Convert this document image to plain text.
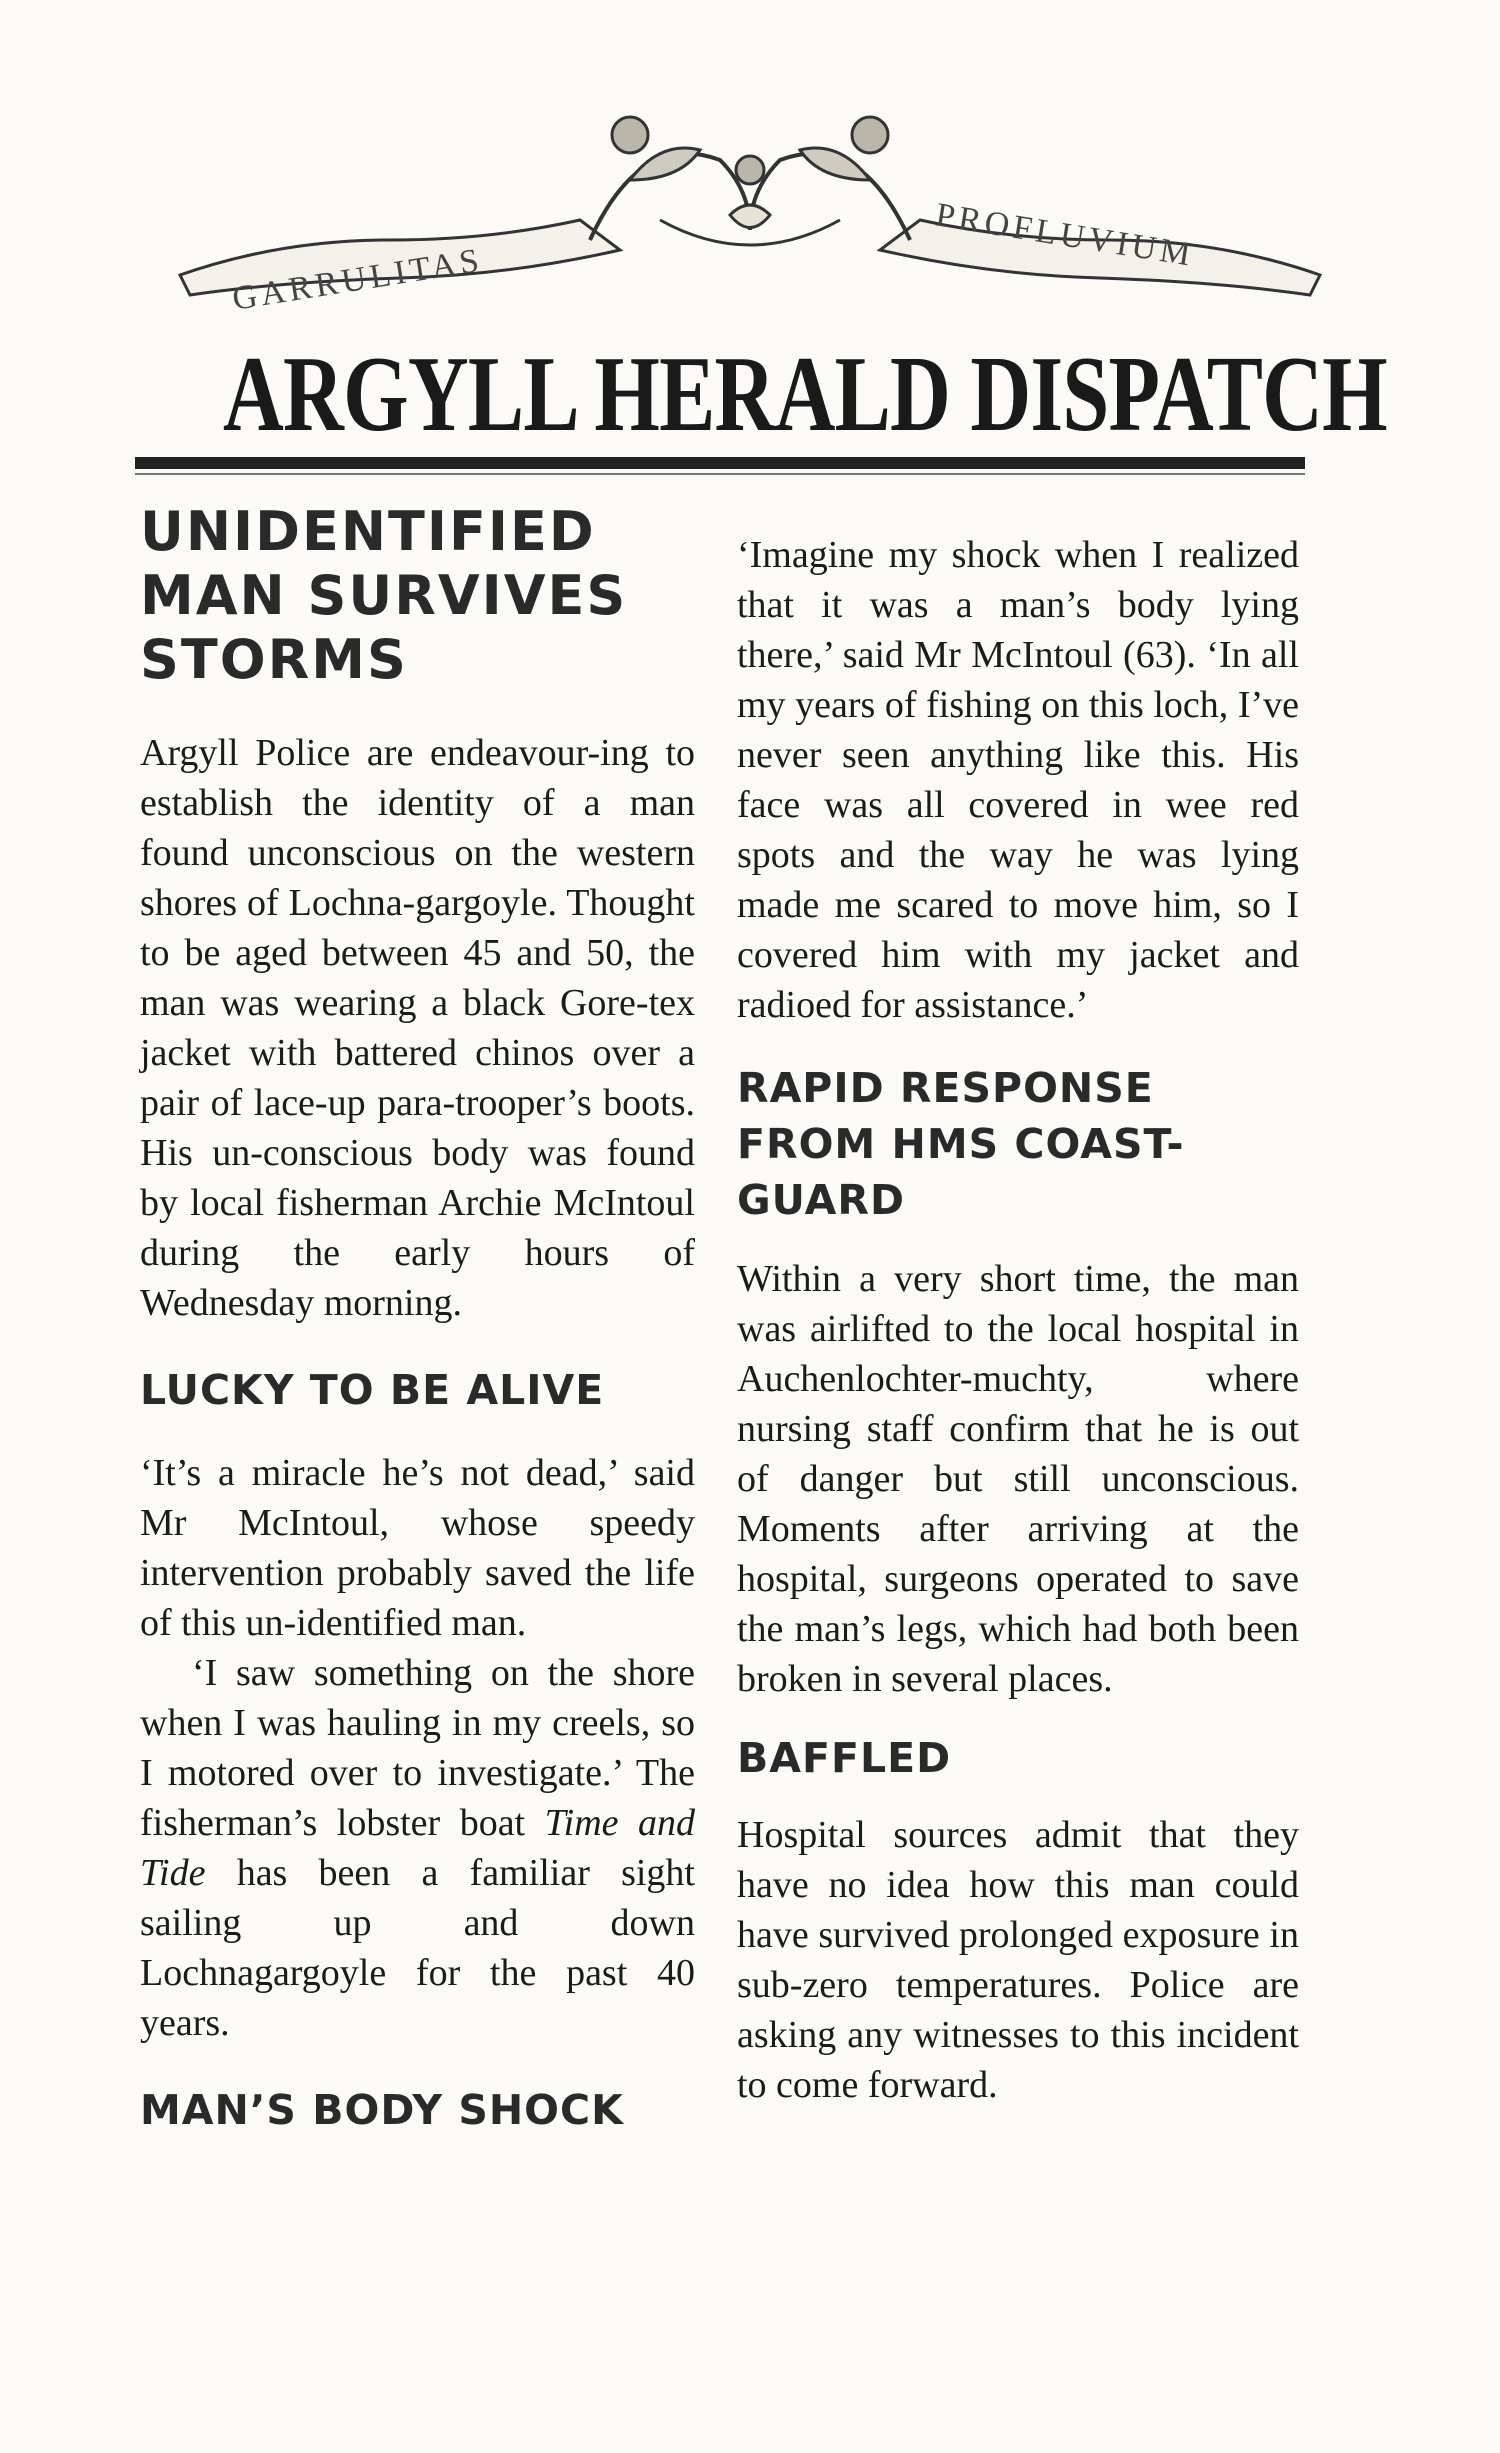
GARRULITAS
PROFLUVIUM
ARGYLL HERALD DISPATCH
UNIDENTIFIED MAN SURVIVES STORMS

Argyll Police are endeavour-ing to establish the identity of a man found unconscious on the western shores of Lochna-gargoyle. Thought to be aged between 45 and 50, the man was wearing a black Gore-tex jacket with battered chinos over a pair of lace-up para-trooper’s boots. His un-conscious body was found by local fisherman Archie McIntoul during the early hours of Wednesday morning.

LUCKY TO BE ALIVE

‘It’s a miracle he’s not dead,’ said Mr McIntoul, whose speedy intervention probably saved the life of this un-identified man.

‘I saw something on the shore when I was hauling in my creels, so I motored over to investigate.’ The fisherman’s lobster boat Time and Tide has been a familiar sight sailing up and down Lochnagargoyle for the past 40 years.

MAN’S BODY SHOCK

‘Imagine my shock when I realized that it was a man’s body lying there,’ said Mr McIntoul (63). ‘In all my years of fishing on this loch, I’ve never seen anything like this. His face was all covered in wee red spots and the way he was lying made me scared to move him, so I covered him with my jacket and radioed for assistance.’

RAPID RESPONSE FROM HMS COAST-GUARD

Within a very short time, the man was airlifted to the local hospital in Auchenlochter-muchty, where nursing staff confirm that he is out of danger but still unconscious. Moments after arriving at the hospital, surgeons operated to save the man’s legs, which had both been broken in several places.

BAFFLED

Hospital sources admit that they have no idea how this man could have survived prolonged exposure in sub-zero temperatures. Police are asking any witnesses to this incident to come forward.
